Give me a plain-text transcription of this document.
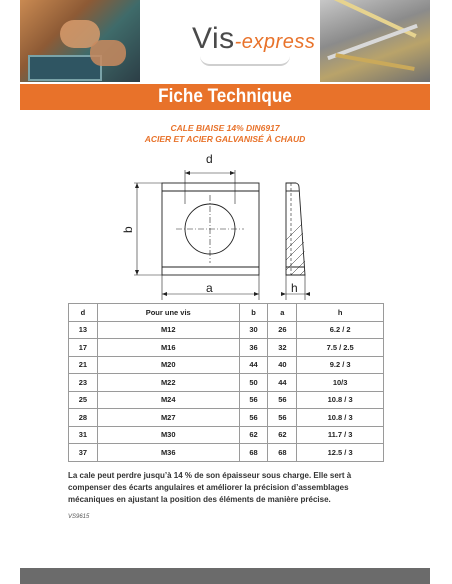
Vis-express
Fiche Technique
CALE BIAISE 14% DIN6917
ACIER ET ACIER GALVANISÉ À CHAUD
d
b
a	h
d	Pour une vis	b	a	h
13	M12	30	26	6.2 / 2
17	M16	36	32	7.5 / 2.5
21	M20	44	40	9.2 / 3
23	M22	50	44	10/3
25	M24	56	56	10.8 / 3
28	M27	56	56	10.8 / 3
31	M30	62	62	11.7 / 3
37	M36	68	68	12.5 / 3
La cale peut perdre jusqu’à 14 % de son épaisseur sous charge. Elle sert à compenser des écarts angulaires et améliorer la précision d’assemblages mécaniques en ajustant la position des éléments de manière précise.
VS9615
